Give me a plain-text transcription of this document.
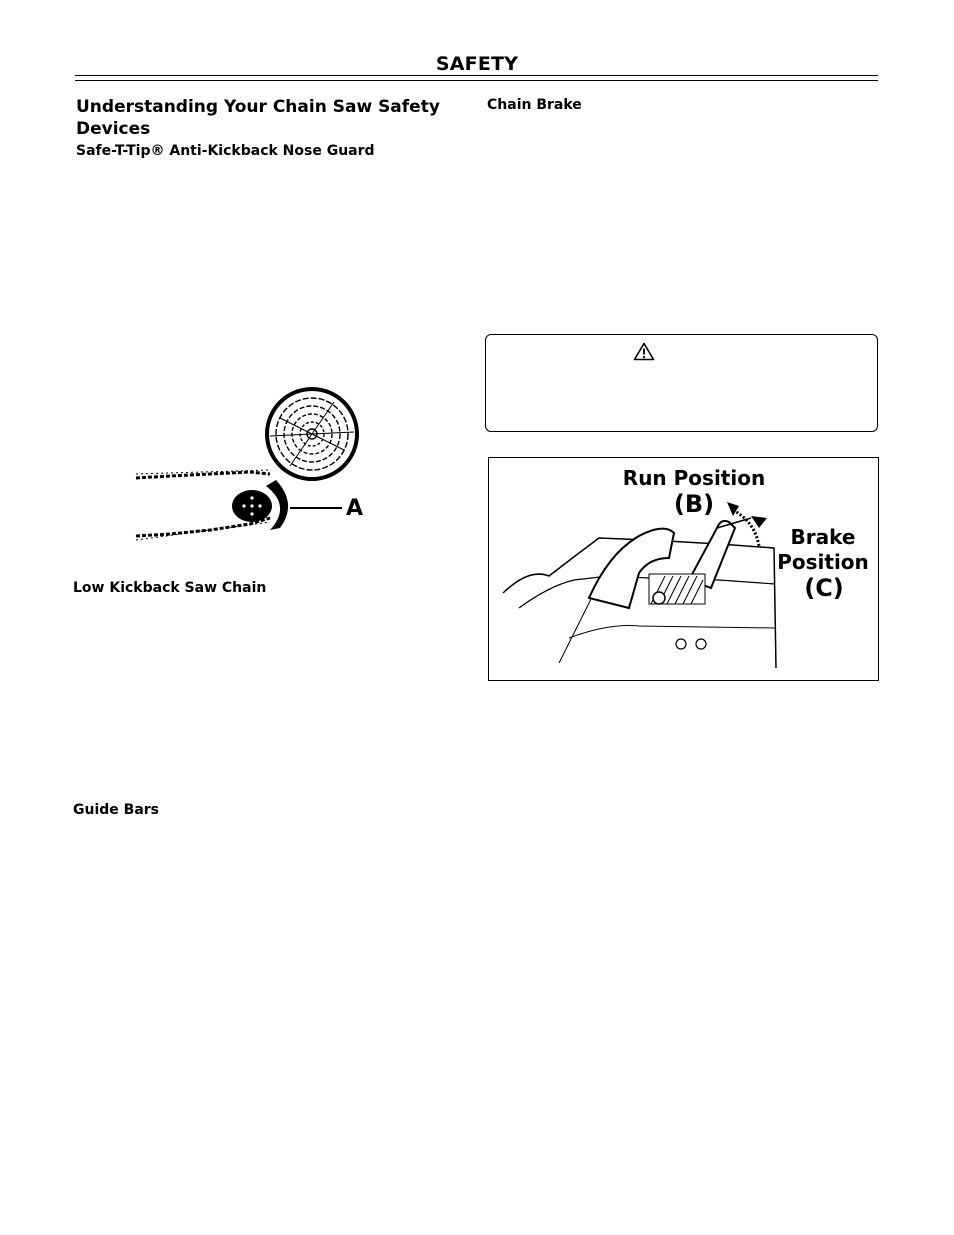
SAFETY
Understanding Your Chain Saw Safety Devices
Safe-T-Tip® Anti-Kickback Nose Guard
A
Low Kickback Saw Chain
Guide Bars
Chain Brake
Run Position
(B)
Brake
Position
(C)
